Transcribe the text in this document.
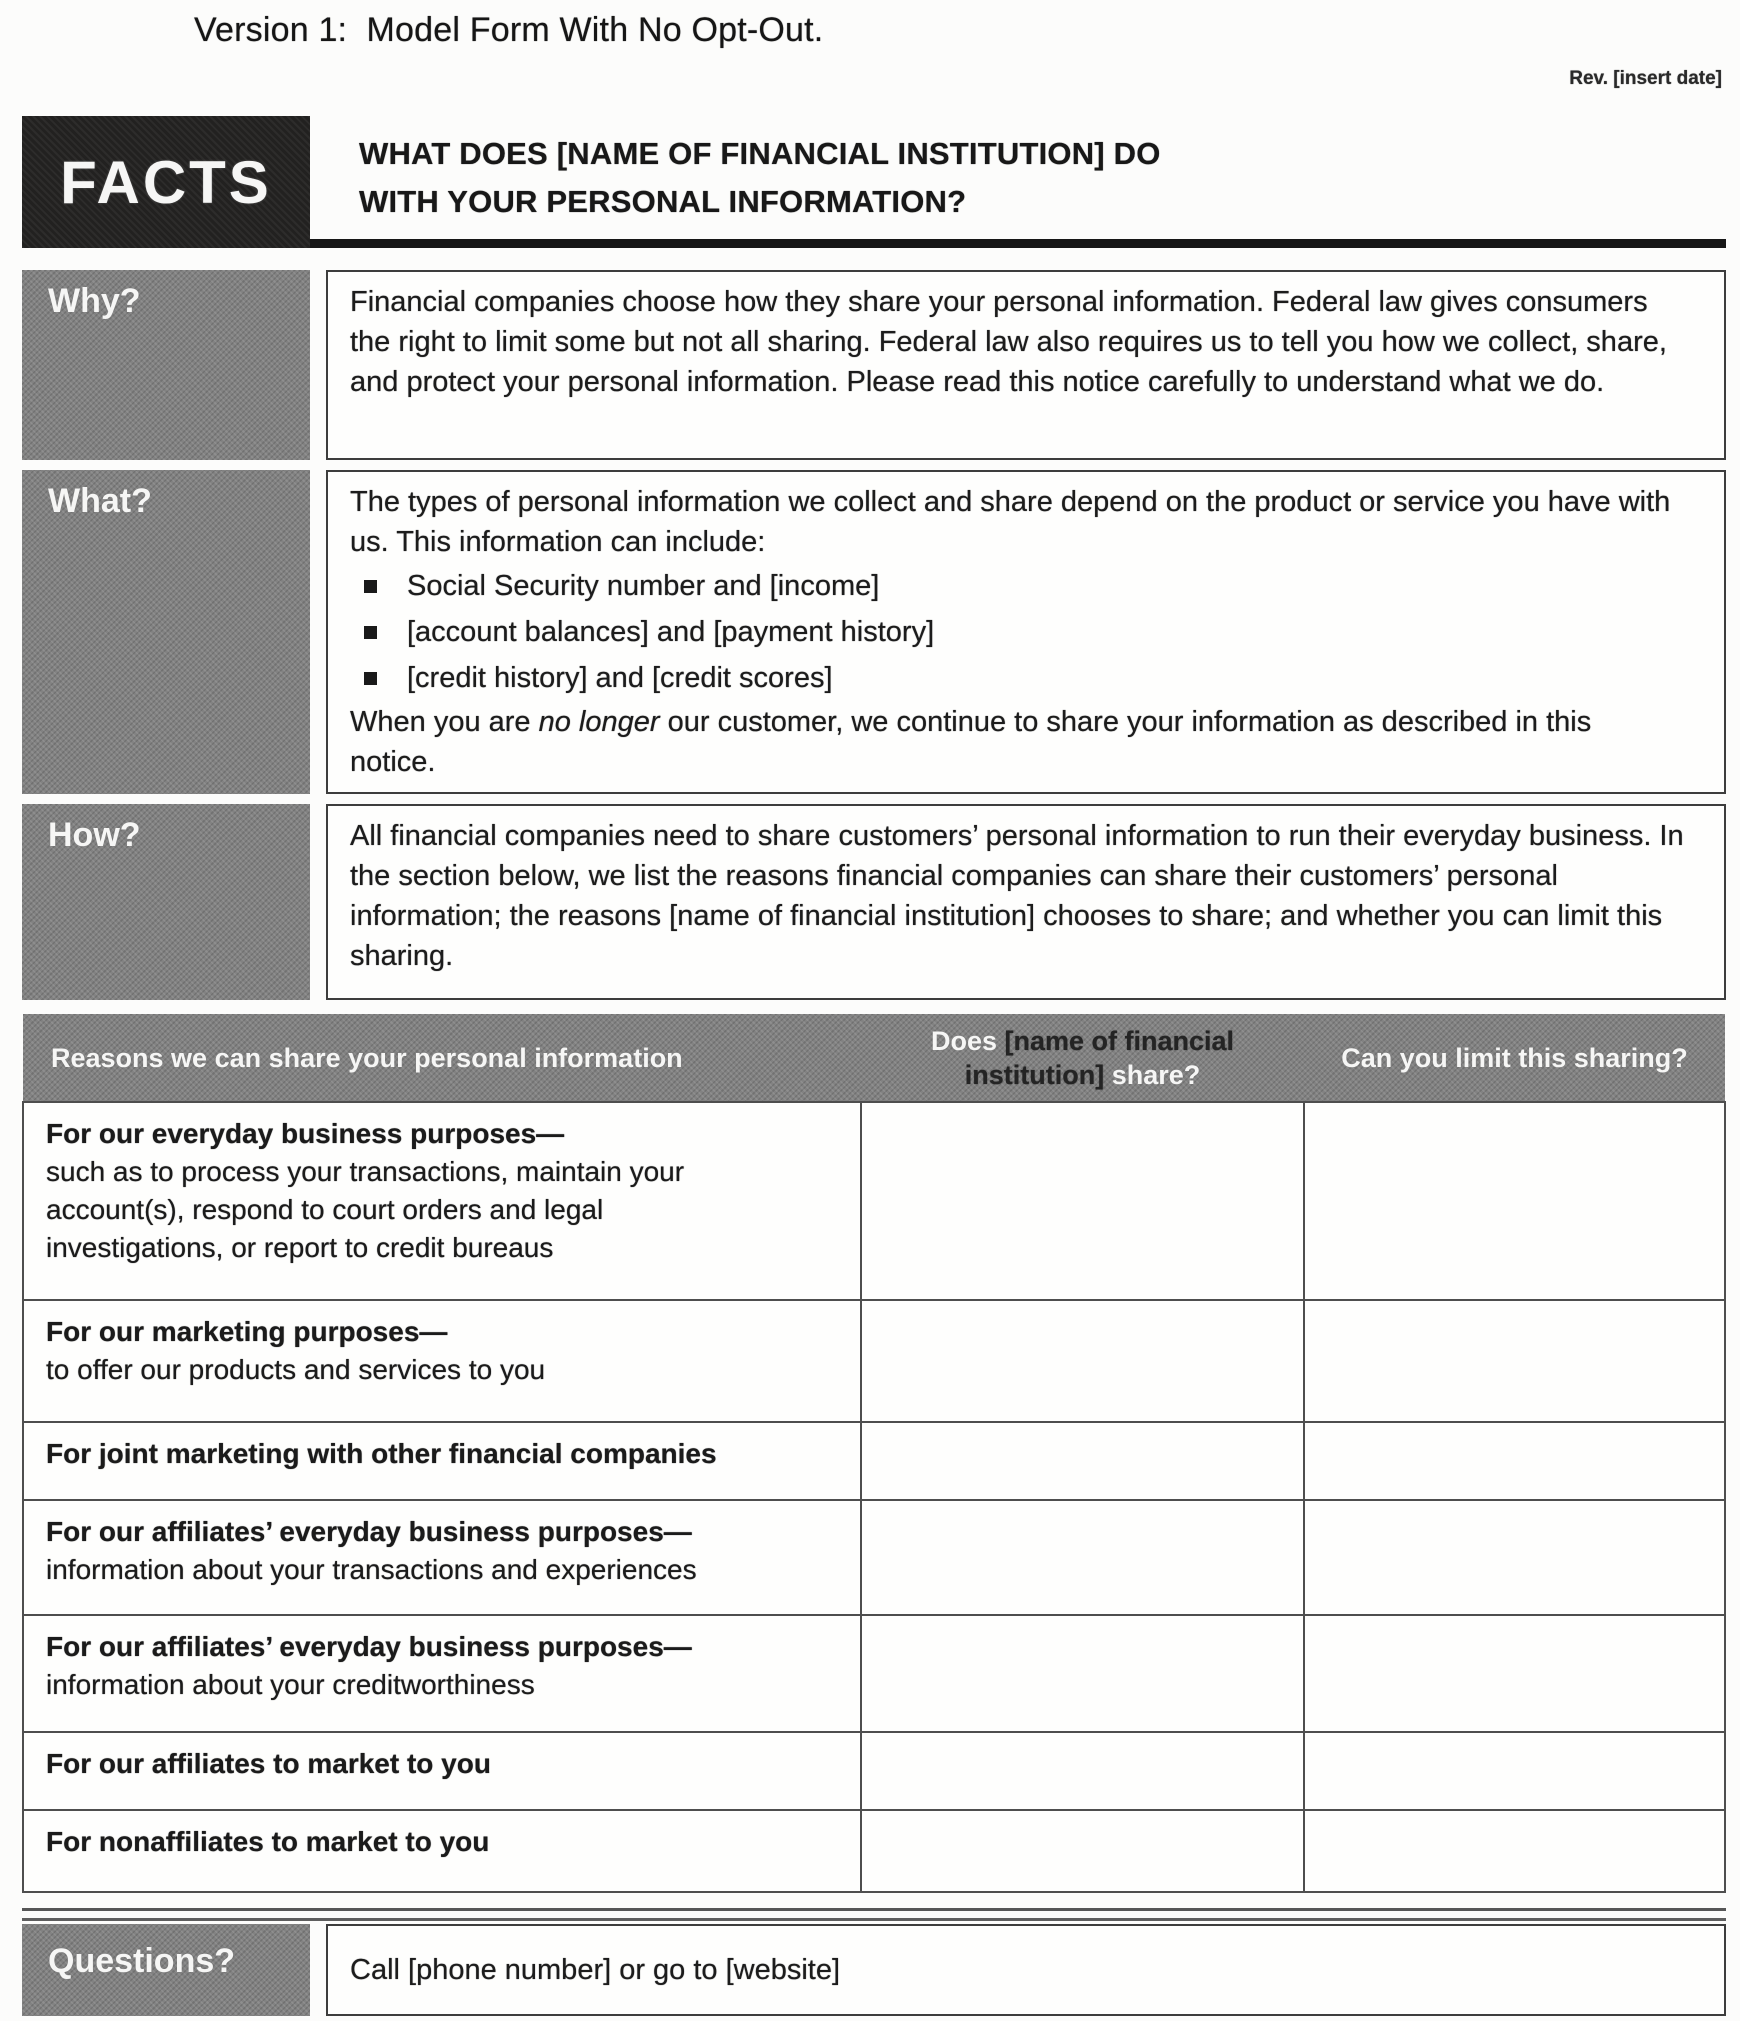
Version 1:  Model Form With No Opt-Out.
Rev. [insert date]
FACTS	WHAT DOES [NAME OF FINANCIAL INSTITUTION] DO
WITH YOUR PERSONAL INFORMATION?
Why?	Financial companies choose how they share your personal information. Federal law gives consumers the right to limit some but not all sharing. Federal law also requires us to tell you how we collect, share, and protect your personal information. Please read this notice carefully to understand what we do.

What?	The types of personal information we collect and share depend on the product or service you have with us. This information can include:

Social Security number and [income]
[account balances] and [payment history]
[credit history] and [credit scores]

When you are no longer our customer, we continue to share your information as described in this notice.

How?	All financial companies need to share customers’ personal information to run their everyday business. In the section below, we list the reasons financial companies can share their customers’ personal information; the reasons [name of financial institution] chooses to share; and whether you can limit this sharing.

Reasons we can share your personal information	Does [name of financial
institution] share?	Can you limit this sharing?

For our everyday business purposes—
such as to process your transactions, maintain your account(s), respond to court orders and legal investigations, or report to credit bureaus		

For our marketing purposes—
to offer our products and services to you		

For joint marketing with other financial companies		

For our affiliates’ everyday business purposes—
information about your transactions and experiences		

For our affiliates’ everyday business purposes—
information about your creditworthiness		

For our affiliates to market to you		

For nonaffiliates to market to you		

Questions?	Call [phone number] or go to [website]
